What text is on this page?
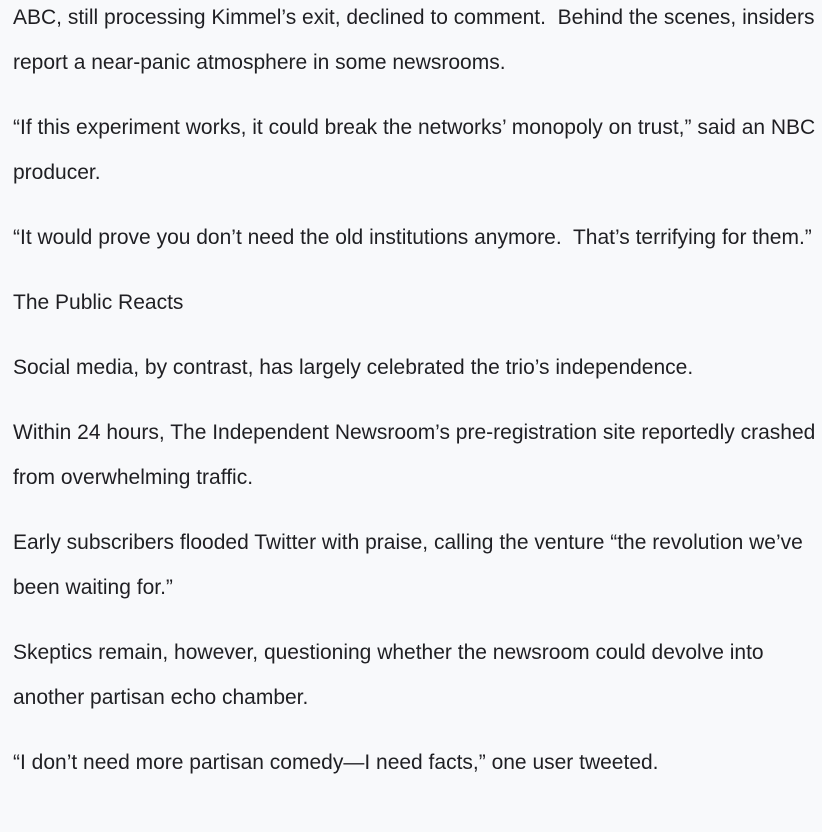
ABC, still processing Kimmel’s exit, declined to comment.  Behind the scenes, insiders report a near-panic atmosphere in some newsrooms.

“If this experiment works, it could break the networks’ monopoly on trust,” said an NBC producer.

“It would prove you don’t need the old institutions anymore.  That’s terrifying for them.”

The Public Reacts

Social media, by contrast, has largely celebrated the trio’s independence.

Within 24 hours, The Independent Newsroom’s pre-registration site reportedly crashed from overwhelming traffic.

Early subscribers flooded Twitter with praise, calling the venture “the revolution we’ve been waiting for.”

Skeptics remain, however, questioning whether the newsroom could devolve into another partisan echo chamber.

“I don’t need more partisan comedy—I need facts,” one user tweeted.
